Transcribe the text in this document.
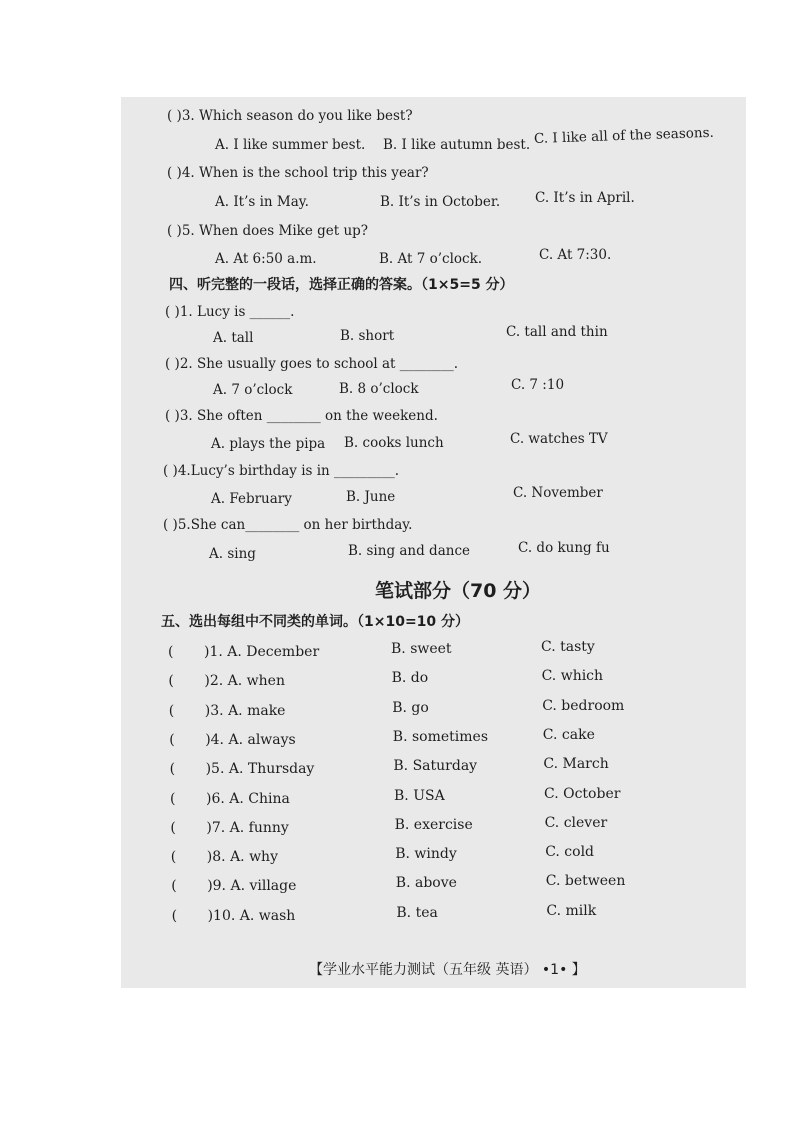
( )3. Which season do you like best?
A. I like summer best. B. I like autumn best. C. I like all of the seasons.
( )4. When is the school trip this year?
A. It’s in May.	B. It’s in October.	C. It’s in April.
( )5. When does Mike get up?
A. At 6:50 a.m.	B. At 7 o’clock.	C. At 7:30.
四、听完整的一段话，选择正确的答案。（1×5=5 分）
( )1. Lucy is ______.
A. tall	B. short	C. tall and thin
( )2. She usually goes to school at ________.
A. 7 o’clock	B. 8 o’clock	C. 7 :10
( )3. She often ________ on the weekend.
A. plays the pipa B. cooks lunch	C. watches TV
( )4.Lucy’s birthday is in _________.
A. February	B. June	C. November
( )5.She can________ on her birthday.
A. sing	B. sing and dance	C. do kung fu
笔试部分（70 分）
五、选出每组中不同类的单词。（1×10=10 分）
( )1. A. December	B. sweet	C. tasty
( )2. A. when	B. do	C. which
( )3. A. make	B. go	C. bedroom
( )4. A. always	B. sometimes	C. cake
( )5. A. Thursday	B. Saturday	C. March
( )6. A. China	B. USA	C. October
( )7. A. funny	B. exercise	C. clever
( )8. A. why	B. windy	C. cold
( )9. A. village	B. above	C. between
( )10. A. wash	B. tea	C. milk
【学业水平能力测试（五年级 英语） •1• 】
